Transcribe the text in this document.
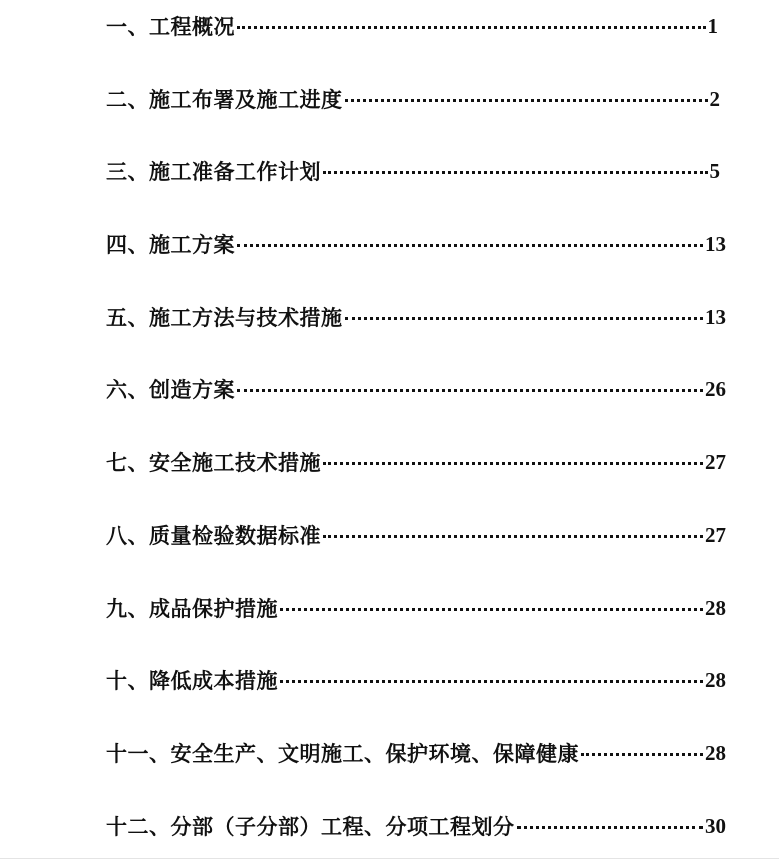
一、工程概况	1
二、施工布署及施工进度	2
三、施工准备工作计划	5
四、施工方案	13
五、施工方法与技术措施	13
六、创造方案	26
七、安全施工技术措施	27
八、质量检验数据标准	27
九、成品保护措施	28
十、降低成本措施	28
十一、安全生产、文明施工、保护环境、保障健康	28
十二、分部（子分部）工程、分项工程划分	30
